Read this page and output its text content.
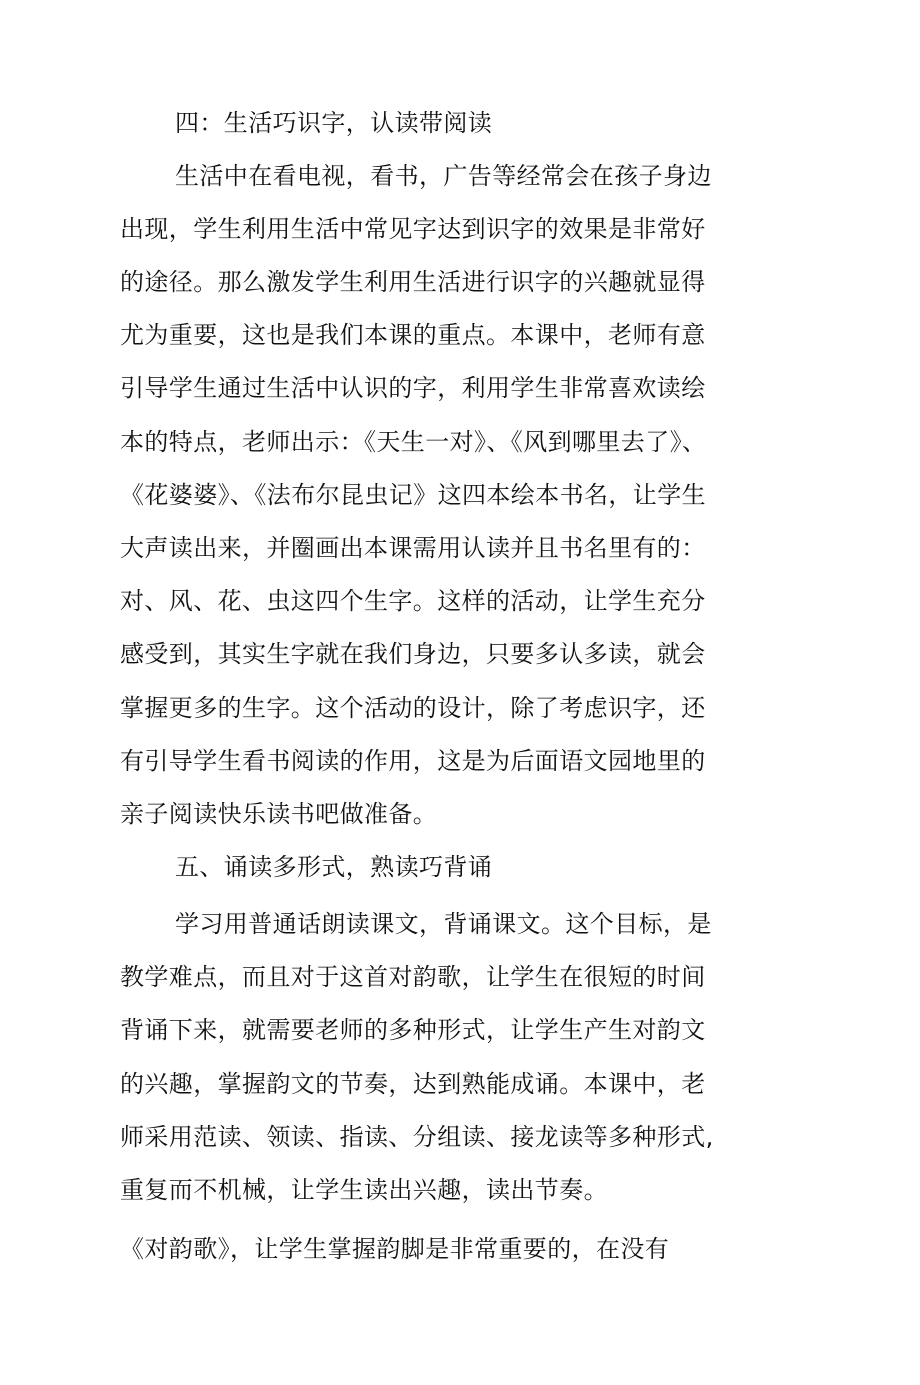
四：生活巧识字，认读带阅读
生活中在看电视，看书，广告等经常会在孩子身边
出现，学生利用生活中常见字达到识字的效果是非常好
的途径。那么激发学生利用生活进行识字的兴趣就显得
尤为重要，这也是我们本课的重点。本课中，老师有意
引导学生通过生活中认识的字，利用学生非常喜欢读绘
本的特点，老师出示：《天生一对》、《风到哪里去了》、
《花婆婆》、《法布尔昆虫记》这四本绘本书名，让学生
大声读出来，并圈画出本课需用认读并且书名里有的：
对、风、花、虫这四个生字。这样的活动，让学生充分
感受到，其实生字就在我们身边，只要多认多读，就会
掌握更多的生字。这个活动的设计，除了考虑识字，还
有引导学生看书阅读的作用，这是为后面语文园地里的
亲子阅读快乐读书吧做准备。
五、诵读多形式，熟读巧背诵
学习用普通话朗读课文，背诵课文。这个目标，是
教学难点，而且对于这首对韵歌，让学生在很短的时间
背诵下来，就需要老师的多种形式，让学生产生对韵文
的兴趣，掌握韵文的节奏，达到熟能成诵。本课中，老
师采用范读、领读、指读、分组读、接龙读等多种形式,
重复而不机械，让学生读出兴趣，读出节奏。
《对韵歌》，让学生掌握韵脚是非常重要的，在没有
